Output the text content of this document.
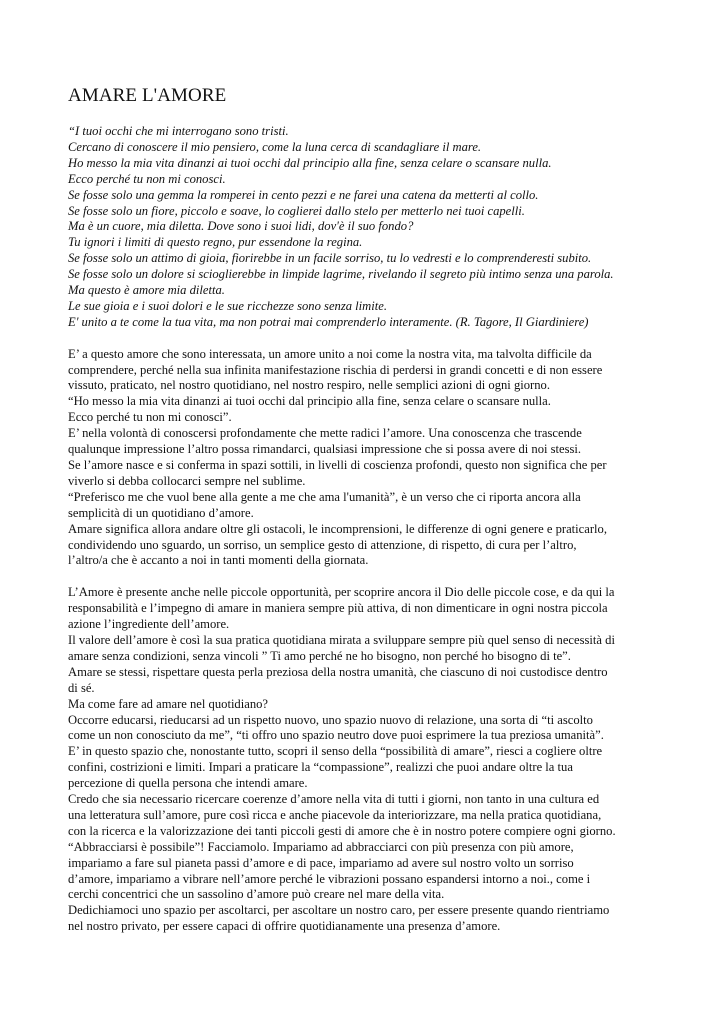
AMARE L'AMORE
“I tuoi occhi che mi interrogano sono tristi.
Cercano di conoscere il mio pensiero, come la luna cerca di scandagliare il mare.
Ho messo la mia vita dinanzi ai tuoi occhi dal principio alla fine, senza celare o scansare nulla.
Ecco perché tu non mi conosci.
Se fosse solo una gemma la romperei in cento pezzi e ne farei una catena da metterti al collo.
Se fosse solo un fiore, piccolo e soave, lo coglierei dallo stelo per metterlo nei tuoi capelli.
Ma è un cuore, mia diletta. Dove sono i suoi lidi, dov'è il suo fondo?
Tu ignori i limiti di questo regno, pur essendone la regina.
Se fosse solo un attimo di gioia, fiorirebbe in un facile sorriso, tu lo vedresti e lo comprenderesti subito.
Se fosse solo un dolore si scioglierebbe in limpide lagrime, rivelando il segreto più intimo senza una parola.
Ma questo è amore mia diletta.
Le sue gioia e i suoi dolori e le sue ricchezze sono senza limite.
E' unito a te come la tua vita, ma non potrai mai comprenderlo interamente. (R. Tagore, Il Giardiniere)
E’ a questo amore che sono interessata, un amore unito a noi come la nostra vita, ma talvolta difficile da
comprendere, perché nella sua infinita manifestazione rischia di perdersi in grandi concetti e di non essere
vissuto, praticato, nel nostro quotidiano, nel nostro respiro, nelle semplici azioni di ogni giorno.
“Ho messo la mia vita dinanzi ai tuoi occhi dal principio alla fine, senza celare o scansare nulla.
Ecco perché tu non mi conosci”.
E’ nella volontà di conoscersi profondamente che mette radici l’amore. Una conoscenza che trascende
qualunque impressione l’altro possa rimandarci, qualsiasi impressione che si possa avere di noi stessi.
Se l’amore nasce e si conferma in spazi sottili, in livelli di coscienza profondi, questo non significa che per
viverlo si debba collocarci sempre nel sublime.
“Preferisco me che vuol bene alla gente a me che ama l'umanità”, è un verso che ci riporta ancora alla
semplicità di un quotidiano d’amore.
Amare significa allora andare oltre gli ostacoli, le incomprensioni, le differenze di ogni genere e praticarlo,
condividendo uno sguardo, un sorriso, un semplice gesto di attenzione, di rispetto, di cura per l’altro,
l’altro/a che è accanto a noi in tanti momenti della giornata.
L’Amore è presente anche nelle piccole opportunità, per scoprire ancora il Dio delle piccole cose, e da qui la
responsabilità e l’impegno di amare in maniera sempre più attiva, di non dimenticare in ogni nostra piccola
azione l’ingrediente dell’amore.
Il valore dell’amore è così la sua pratica quotidiana mirata a sviluppare sempre più quel senso di necessità di
amare senza condizioni, senza vincoli ” Ti amo perché ne ho bisogno, non perché ho bisogno di te”.
Amare se stessi, rispettare questa perla preziosa della nostra umanità, che ciascuno di noi custodisce dentro
di sé.
Ma come fare ad amare nel quotidiano?
Occorre educarsi, rieducarsi ad un rispetto nuovo, uno spazio nuovo di relazione, una sorta di “ti ascolto
come un non conosciuto da me”, “ti offro uno spazio neutro dove puoi esprimere la tua preziosa umanità”.
E’ in questo spazio che, nonostante tutto, scopri il senso della “possibilità di amare”, riesci a cogliere oltre
confini, costrizioni e limiti. Impari a praticare la “compassione”, realizzi che puoi andare oltre la tua
percezione di quella persona che intendi amare.
Credo che sia necessario ricercare coerenze d’amore nella vita di tutti i giorni, non tanto in una cultura ed
una letteratura sull’amore, pure così ricca e anche piacevole da interiorizzare, ma nella pratica quotidiana,
con la ricerca e la valorizzazione dei tanti piccoli gesti di amore che è in nostro potere compiere ogni giorno.
“Abbracciarsi è possibile”! Facciamolo. Impariamo ad abbracciarci con più presenza con più amore,
impariamo a fare sul pianeta passi d’amore e di pace, impariamo ad avere sul nostro volto un sorriso
d’amore, impariamo a vibrare nell’amore perché le vibrazioni possano espandersi intorno a noi., come i
cerchi concentrici che un sassolino d’amore può creare nel mare della vita.
Dedichiamoci uno spazio per ascoltarci, per ascoltare un nostro caro, per essere presente quando rientriamo
nel nostro privato, per essere capaci di offrire quotidianamente una presenza d’amore.
